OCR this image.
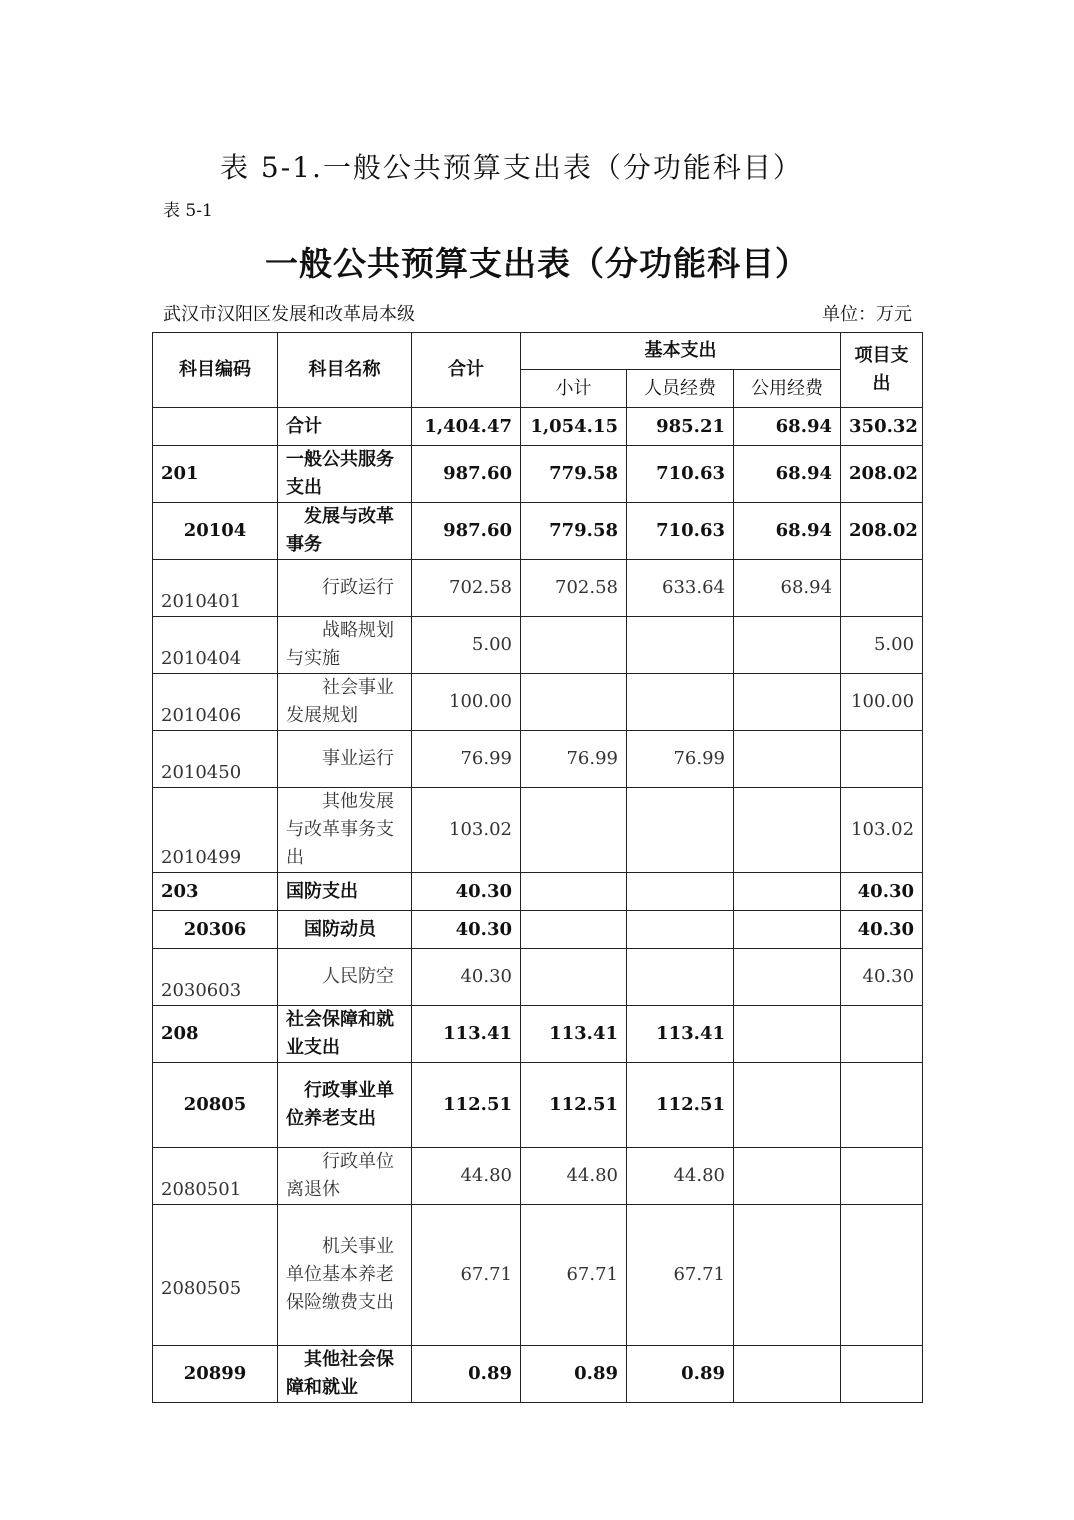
表 5-1.一般公共预算支出表（分功能科目）
表 5-1
一般公共预算支出表（分功能科目）
武汉市汉阳区发展和改革局本级	单位：万元
科目编码	科目名称	合计	基本支出			项目支出
			小计	人员经费	公用经费	
	合计	1,404.47	1,054.15	985.21	68.94	350.32
201	一般公共服务支出	987.60	779.58	710.63	68.94	208.02
20104	发展与改革事务	987.60	779.58	710.63	68.94	208.02
2010401	行政运行	702.58	702.58	633.64	68.94	
2010404	战略规划与实施	5.00				5.00
2010406	社会事业发展规划	100.00				100.00
2010450	事业运行	76.99	76.99	76.99		
2010499	其他发展与改革事务支出	103.02				103.02
203	国防支出	40.30				40.30
20306	国防动员	40.30				40.30
2030603	人民防空	40.30				40.30
208	社会保障和就业支出	113.41	113.41	113.41		
20805	行政事业单位养老支出	112.51	112.51	112.51		
2080501	行政单位离退休	44.80	44.80	44.80		
2080505	机关事业单位基本养老保险缴费支出	67.71	67.71	67.71		
20899	其他社会保障和就业	0.89	0.89	0.89		
